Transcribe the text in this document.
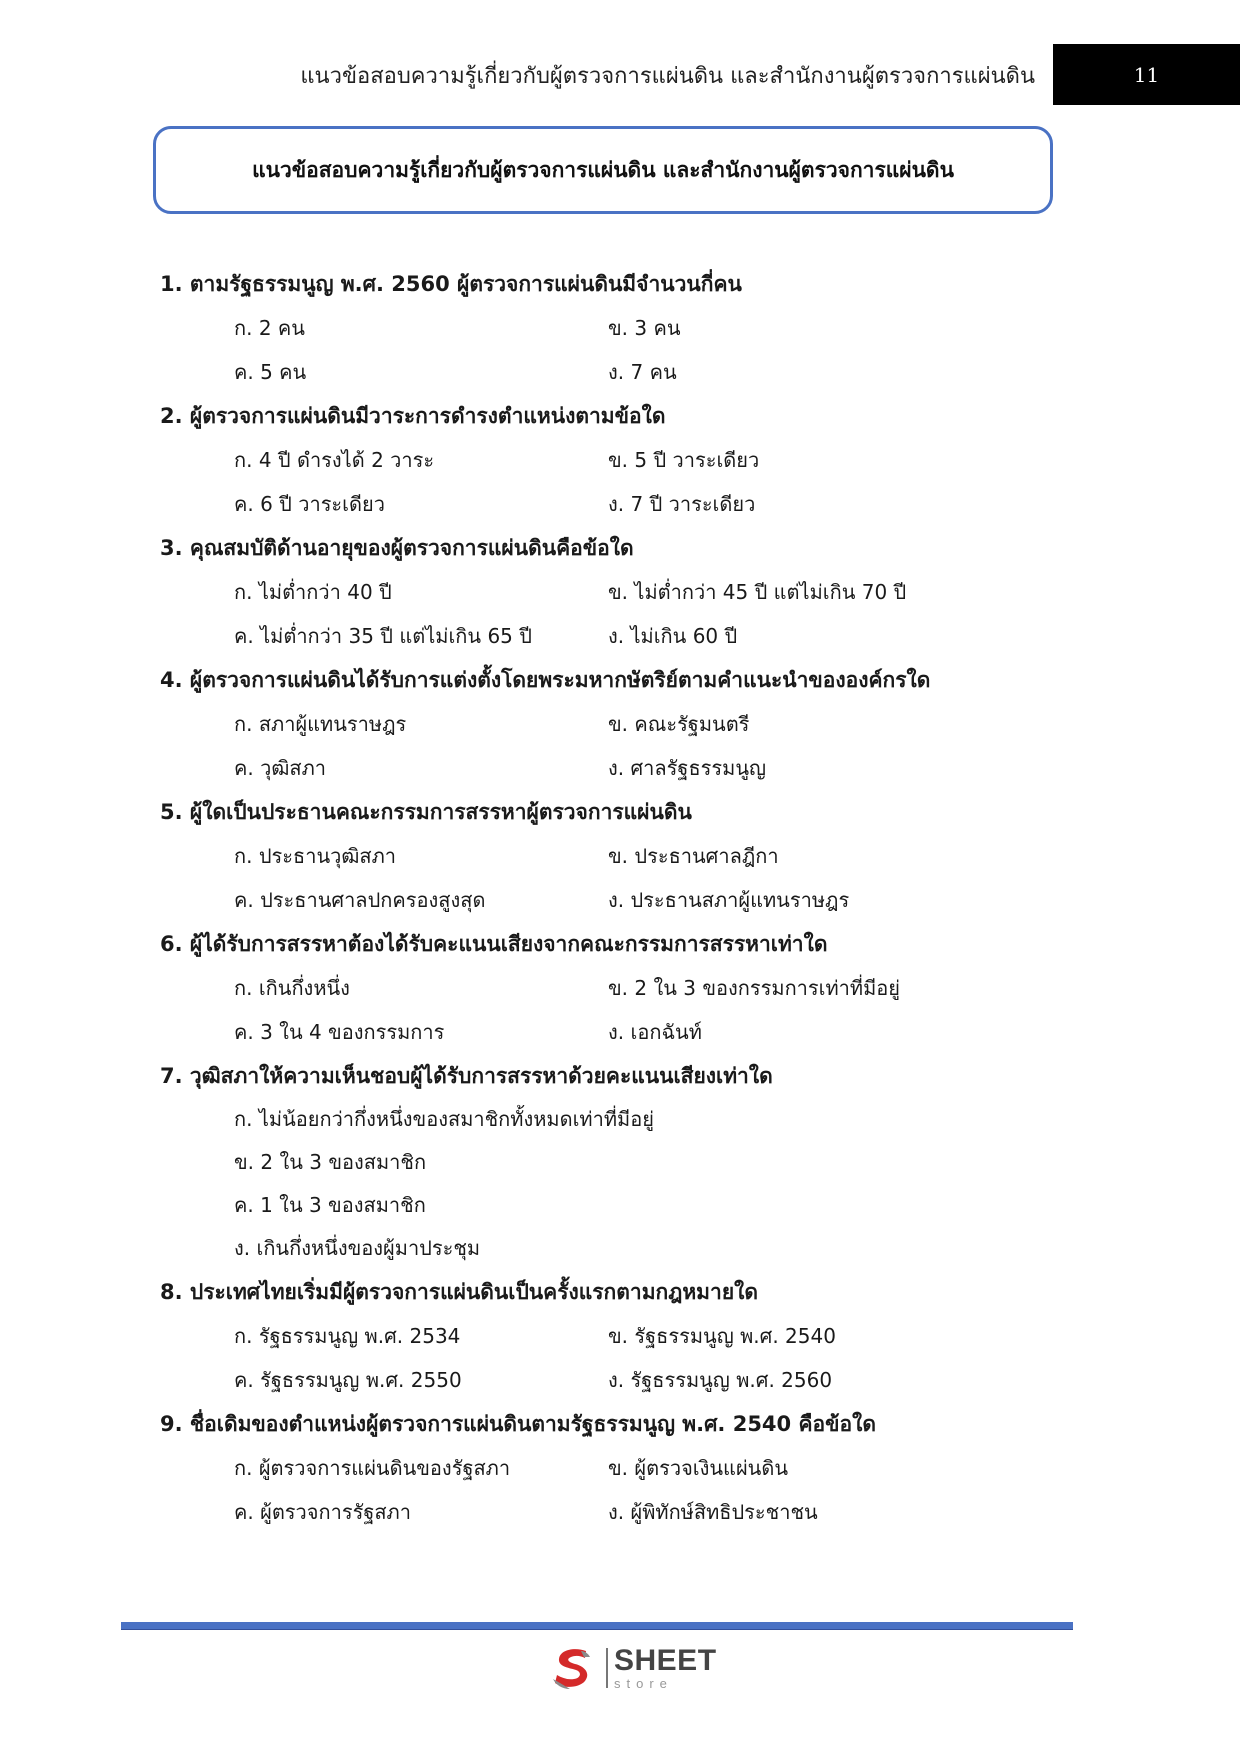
แนวข้อสอบความรู้เกี่ยวกับผู้ตรวจการแผ่นดิน และสำนักงานผู้ตรวจการแผ่นดิน	11
แนวข้อสอบความรู้เกี่ยวกับผู้ตรวจการแผ่นดิน และสำนักงานผู้ตรวจการแผ่นดิน
1. ตามรัฐธรรมนูญ พ.ศ. 2560 ผู้ตรวจการแผ่นดินมีจำนวนกี่คน
ก. 2 คน	ข. 3 คน
ค. 5 คน	ง. 7 คน
2. ผู้ตรวจการแผ่นดินมีวาระการดำรงตำแหน่งตามข้อใด
ก. 4 ปี ดำรงได้ 2 วาระ	ข. 5 ปี วาระเดียว
ค. 6 ปี วาระเดียว	ง. 7 ปี วาระเดียว
3. คุณสมบัติด้านอายุของผู้ตรวจการแผ่นดินคือข้อใด
ก. ไม่ต่ำกว่า 40 ปี	ข. ไม่ต่ำกว่า 45 ปี แต่ไม่เกิน 70 ปี
ค. ไม่ต่ำกว่า 35 ปี แต่ไม่เกิน 65 ปี	ง. ไม่เกิน 60 ปี
4. ผู้ตรวจการแผ่นดินได้รับการแต่งตั้งโดยพระมหากษัตริย์ตามคำแนะนำขององค์กรใด
ก. สภาผู้แทนราษฎร	ข. คณะรัฐมนตรี
ค. วุฒิสภา	ง. ศาลรัฐธรรมนูญ
5. ผู้ใดเป็นประธานคณะกรรมการสรรหาผู้ตรวจการแผ่นดิน
ก. ประธานวุฒิสภา	ข. ประธานศาลฎีกา
ค. ประธานศาลปกครองสูงสุด	ง. ประธานสภาผู้แทนราษฎร
6. ผู้ได้รับการสรรหาต้องได้รับคะแนนเสียงจากคณะกรรมการสรรหาเท่าใด
ก. เกินกึ่งหนึ่ง	ข. 2 ใน 3 ของกรรมการเท่าที่มีอยู่
ค. 3 ใน 4 ของกรรมการ	ง. เอกฉันท์
7. วุฒิสภาให้ความเห็นชอบผู้ได้รับการสรรหาด้วยคะแนนเสียงเท่าใด
ก. ไม่น้อยกว่ากึ่งหนึ่งของสมาชิกทั้งหมดเท่าที่มีอยู่
ข. 2 ใน 3 ของสมาชิก
ค. 1 ใน 3 ของสมาชิก
ง. เกินกึ่งหนึ่งของผู้มาประชุม
8. ประเทศไทยเริ่มมีผู้ตรวจการแผ่นดินเป็นครั้งแรกตามกฎหมายใด
ก. รัฐธรรมนูญ พ.ศ. 2534	ข. รัฐธรรมนูญ พ.ศ. 2540
ค. รัฐธรรมนูญ พ.ศ. 2550	ง. รัฐธรรมนูญ พ.ศ. 2560
9. ชื่อเดิมของตำแหน่งผู้ตรวจการแผ่นดินตามรัฐธรรมนูญ พ.ศ. 2540 คือข้อใด
ก. ผู้ตรวจการแผ่นดินของรัฐสภา	ข. ผู้ตรวจเงินแผ่นดิน
ค. ผู้ตรวจการรัฐสภา	ง. ผู้พิทักษ์สิทธิประชาชน
SHEET
store
